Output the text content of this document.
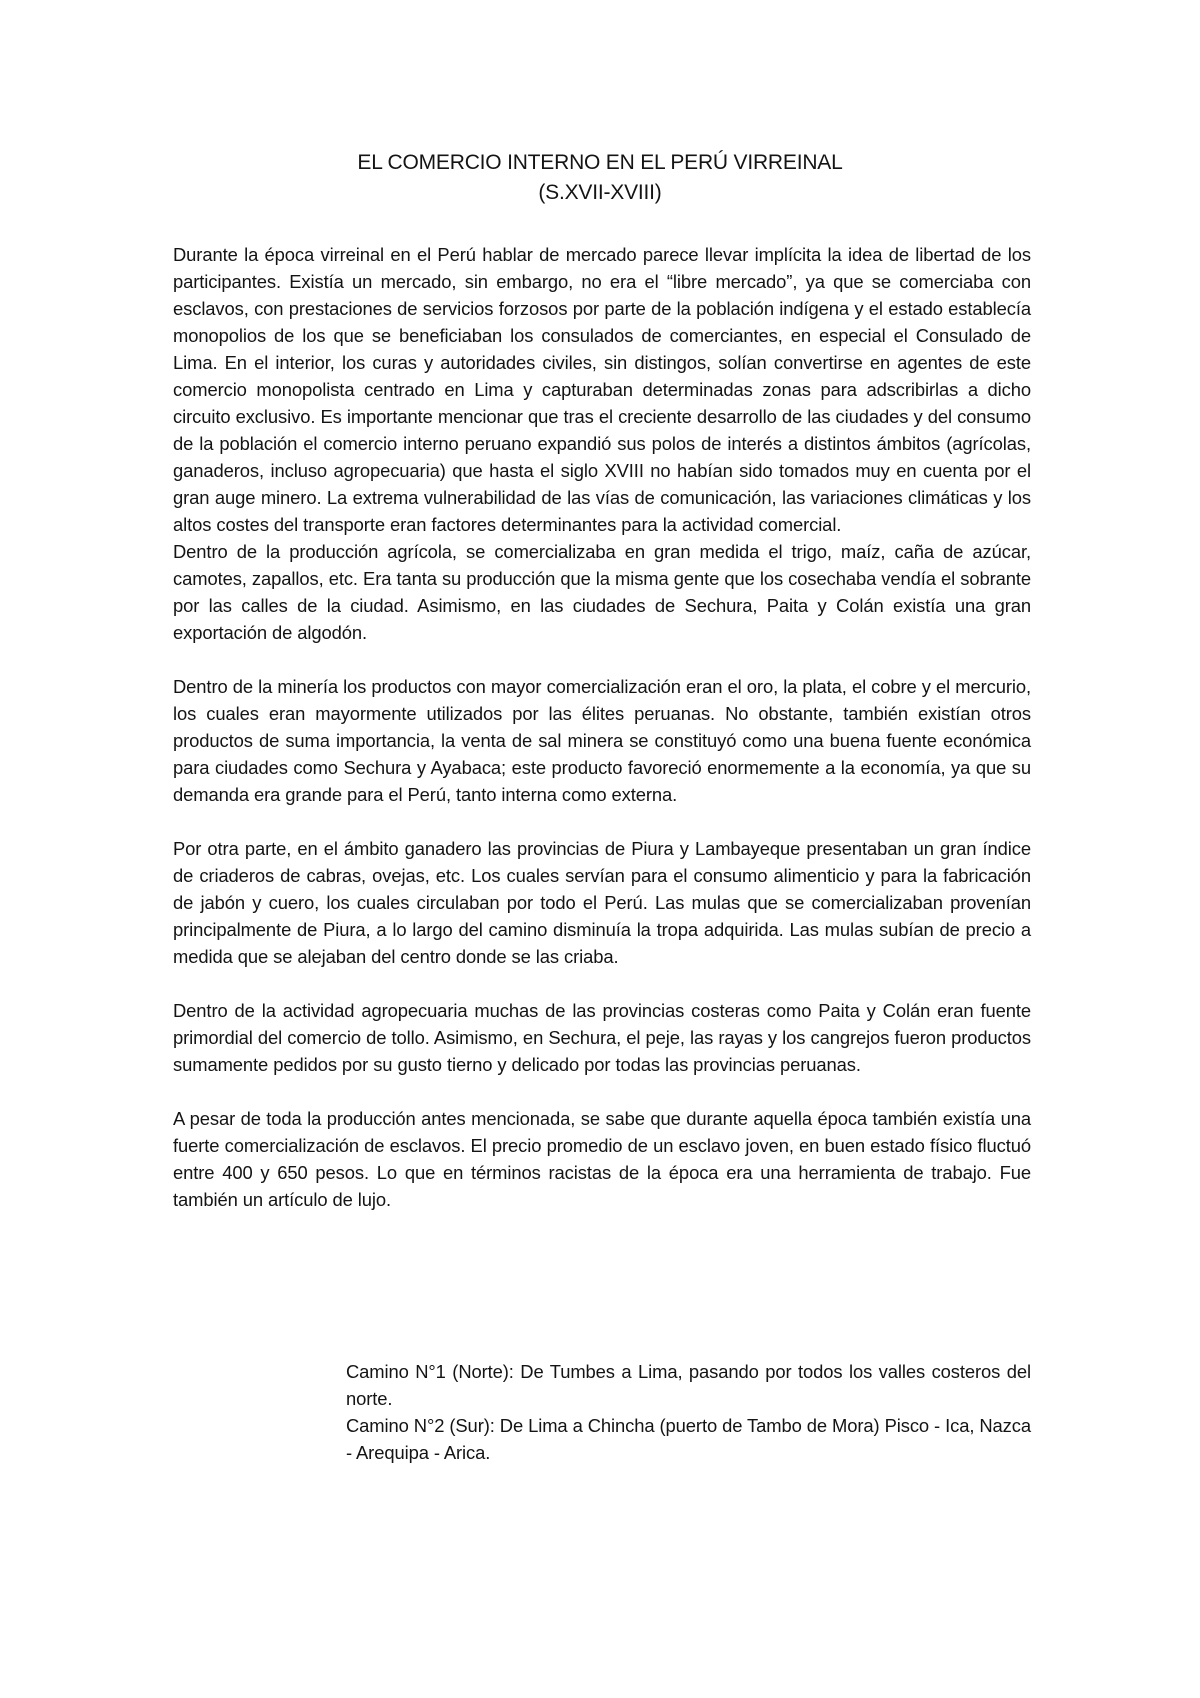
EL COMERCIO INTERNO EN EL PERÚ VIRREINAL
(S.XVII-XVIII)

Durante la época virreinal en el Perú hablar de mercado parece llevar implícita la idea de libertad de los participantes. Existía un mercado, sin embargo, no era el “libre mercado”, ya que se comerciaba con esclavos, con prestaciones de servicios forzosos por parte de la población indígena y el estado establecía monopolios de los que se beneficiaban los consulados de comerciantes, en especial el Consulado de Lima. En el interior, los curas y autoridades civiles, sin distingos, solían convertirse en agentes de este comercio monopolista centrado en Lima y capturaban determinadas zonas para adscribirlas a dicho circuito exclusivo. Es importante mencionar que tras el creciente desarrollo de las ciudades y del consumo de la población el comercio interno peruano expandió sus polos de interés a distintos ámbitos (agrícolas, ganaderos, incluso agropecuaria) que hasta el siglo XVIII no habían sido tomados muy en cuenta por el gran auge minero. La extrema vulnerabilidad de las vías de comunicación, las variaciones climáticas y los altos costes del transporte eran factores determinantes para la actividad comercial.

Dentro de la producción agrícola, se comercializaba en gran medida el trigo, maíz, caña de azúcar, camotes, zapallos, etc. Era tanta su producción que la misma gente que los cosechaba vendía el sobrante por las calles de la ciudad. Asimismo, en las ciudades de Sechura, Paita y Colán existía una gran exportación de algodón.

Dentro de la minería los productos con mayor comercialización eran el oro, la plata, el cobre y el mercurio, los cuales eran mayormente utilizados por las élites peruanas. No obstante, también existían otros productos de suma importancia, la venta de sal minera se constituyó como una buena fuente económica para ciudades como Sechura y Ayabaca; este producto favoreció enormemente a la economía, ya que su demanda era grande para el Perú, tanto interna como externa.

Por otra parte, en el ámbito ganadero las provincias de Piura y Lambayeque presentaban un gran índice de criaderos de cabras, ovejas, etc. Los cuales servían para el consumo alimenticio y para la fabricación de jabón y cuero, los cuales circulaban por todo el Perú. Las mulas que se comercializaban provenían principalmente de Piura, a lo largo del camino disminuía la tropa adquirida. Las mulas subían de precio a medida que se alejaban del centro donde se las criaba.

Dentro de la actividad agropecuaria muchas de las provincias costeras como Paita y Colán eran fuente primordial del comercio de tollo. Asimismo, en Sechura, el peje, las rayas y los cangrejos fueron productos sumamente pedidos por su gusto tierno y delicado por todas las provincias peruanas.

A pesar de toda la producción antes mencionada, se sabe que durante aquella época también existía una fuerte comercialización de esclavos. El precio promedio de un esclavo joven, en buen estado físico fluctuó entre 400 y 650 pesos. Lo que en términos racistas de la época era una herramienta de trabajo. Fue también un artículo de lujo.

Camino N°1 (Norte): De Tumbes a Lima, pasando por todos los valles costeros del norte.

Camino N°2 (Sur): De Lima a Chincha (puerto de Tambo de Mora) Pisco - Ica, Nazca - Arequipa - Arica.
